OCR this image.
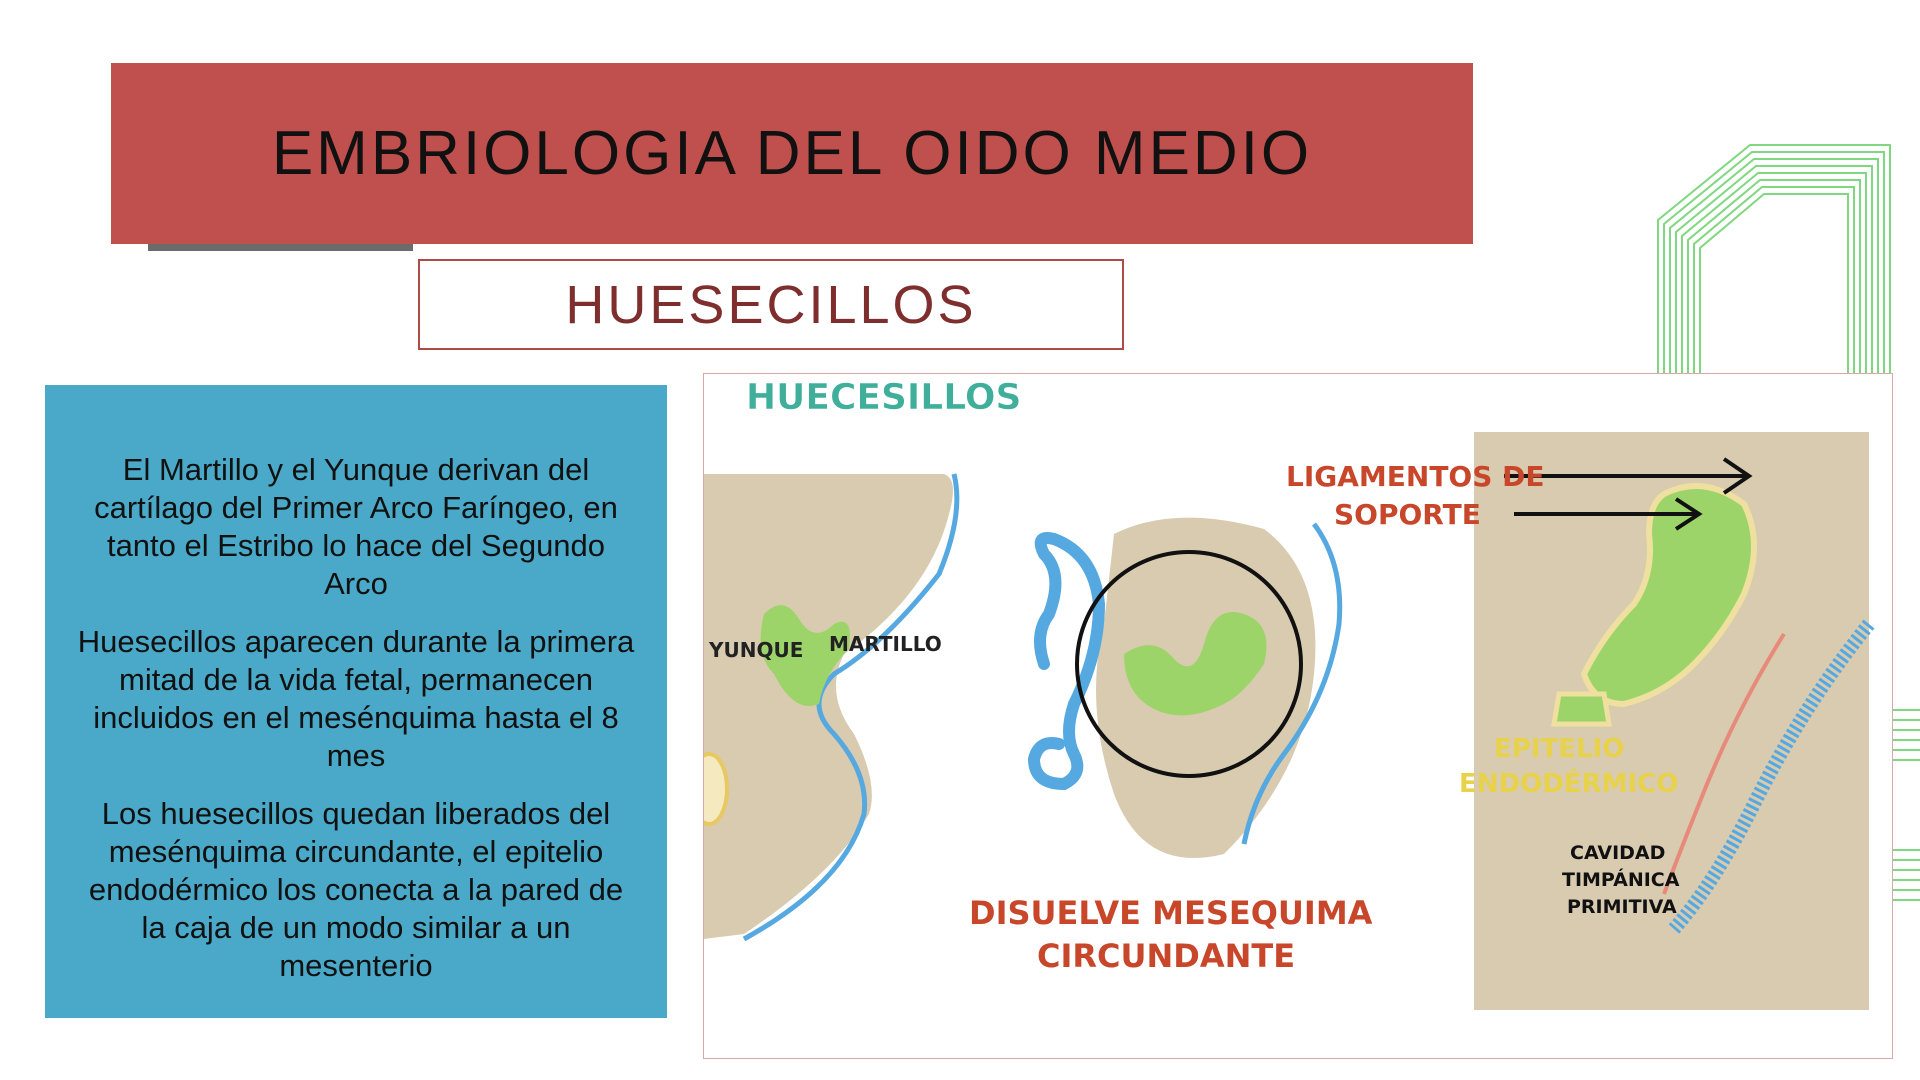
EMBRIOLOGIA DEL OIDO MEDIO
HUESECILLOS

El Martillo y el Yunque derivan del cartílago del Primer Arco Faríngeo, en tanto el Estribo lo hace del Segundo Arco

Huesecillos aparecen durante la primera mitad de la vida fetal, permanecen incluidos en el mesénquima hasta el 8 mes

Los huesecillos quedan liberados del mesénquima circundante, el epitelio endodérmico los conecta a la pared de la caja de un modo similar a un mesenterio

HUECESILLOS
YUNQUE MARTILLO
LIGAMENTOS DE
SOPORTE
DISUELVE MESEQUIMA
CIRCUNDANTE
EPITELIO
ENDODÉRMICO
CAVIDAD
TIMPÁNICA
PRIMITIVA
